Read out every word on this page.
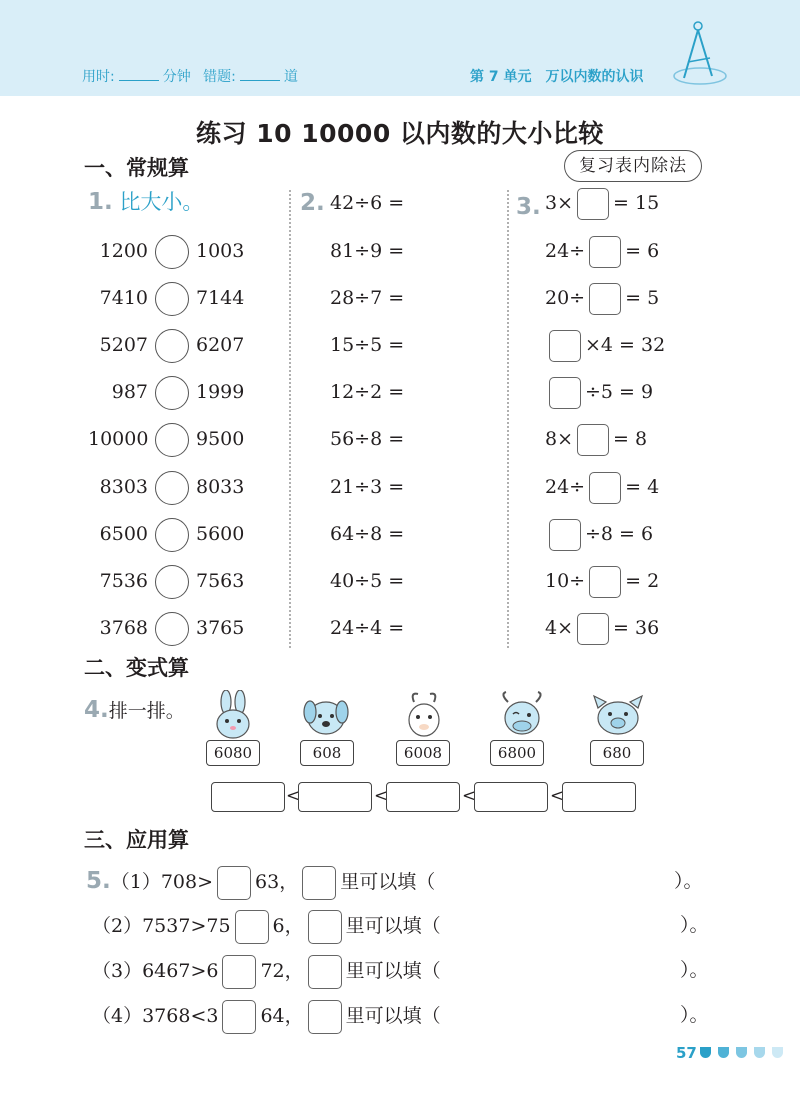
用时:	分钟 错题:	道	第 7 单元 万以内数的认识
练习 10 10000 以内数的大小比较
一、常规算	复习表内除法
1. 比大小。
1200	1003
7410	7144
5207	6207
987	1999
10000	9500
8303	8033
6500	5600
7536	7563
3768	3765
2. 42÷6 =
81÷9 =
28÷7 =
15÷5 =
12÷2 =
56÷8 =
21÷3 =
64÷8 =
40÷5 =
24÷4 =
3. 3× = 15
24÷ = 6
20÷ = 5
×4 = 32
÷5 = 9
8× = 8
24÷ = 4
÷8 = 6
10÷ = 2
4× = 36
二、变式算
4.排一排。
6080	608	6008	6800	680
<	<	<	<
三、应用算
5.（1）708> 63， 里可以填（	）。
（2）7537>75 6， 里可以填（	）。
（3）6467>6 72， 里可以填（	）。
（4）3768<3 64， 里可以填（	）。
57
